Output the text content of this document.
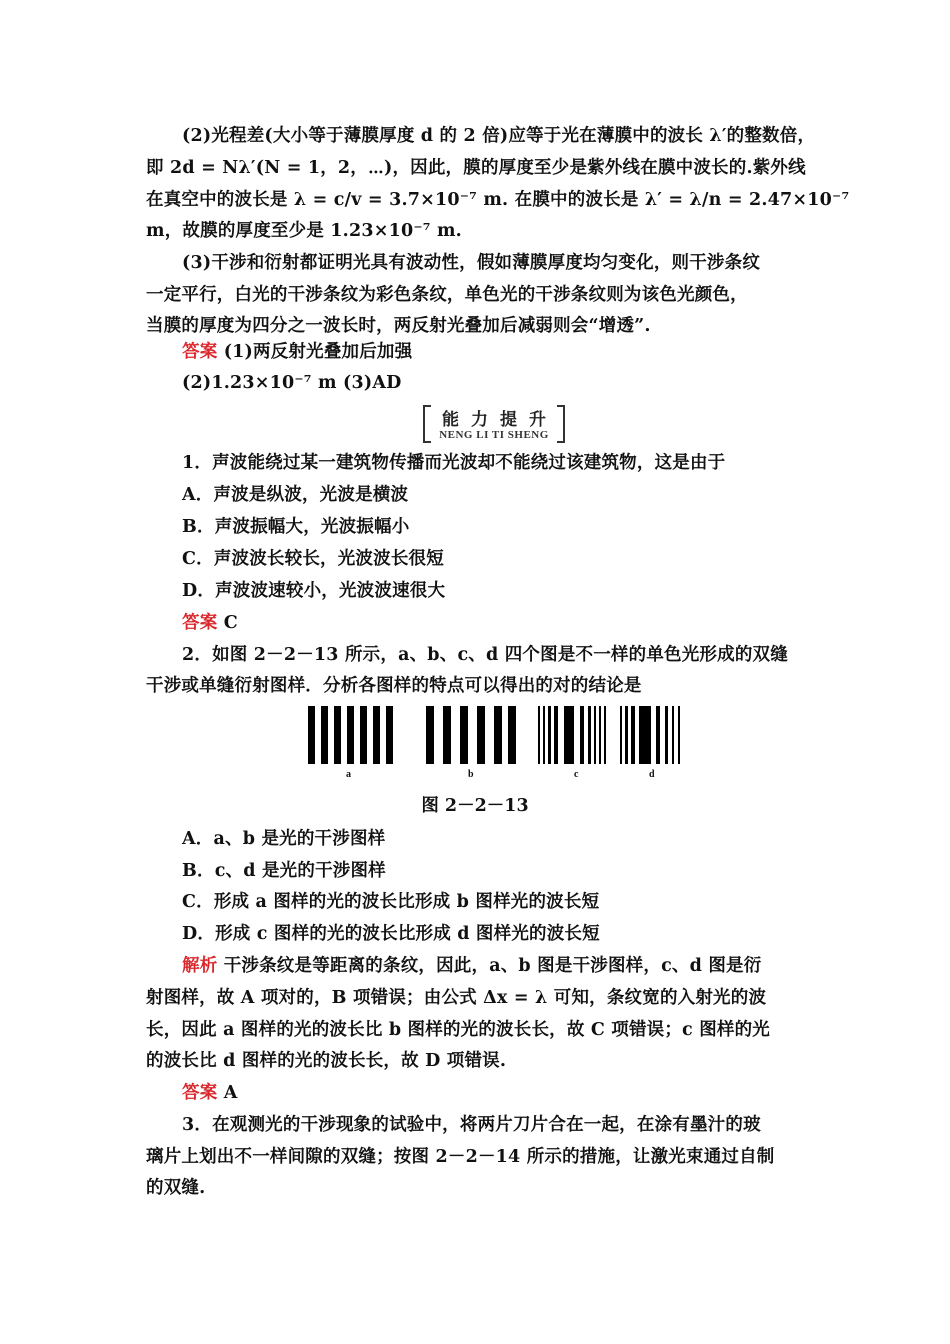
(2)光程差(大小等于薄膜厚度 d 的 2 倍)应等于光在薄膜中的波长 λ′的整数倍，
即 2d = Nλ′(N = 1，2，⋯)，因此，膜的厚度至少是紫外线在膜中波长的.紫外线
在真空中的波长是 λ = c/v = 3.7×10⁻⁷ m. 在膜中的波长是 λ′ = λ/n = 2.47×10⁻⁷
m，故膜的厚度至少是 1.23×10⁻⁷ m.
(3)干涉和衍射都证明光具有波动性，假如薄膜厚度均匀变化，则干涉条纹
一定平行，白光的干涉条纹为彩色条纹，单色光的干涉条纹则为该色光颜色，
当膜的厚度为四分之一波长时，两反射光叠加后减弱则会“增透”.
答案 (1)两反射光叠加后加强
(2)1.23×10⁻⁷ m (3)AD
能力提升
NENG LI TI SHENG
1．声波能绕过某一建筑物传播而光波却不能绕过该建筑物，这是由于
A．声波是纵波，光波是横波
B．声波振幅大，光波振幅小
C．声波波长较长，光波波长很短
D．声波波速较小，光波波速很大
答案 C
2．如图 2－2－13 所示，a、b、c、d 四个图是不一样的单色光形成的双缝
干涉或单缝衍射图样．分析各图样的特点可以得出的对的结论是
a	b	c	d
图 2－2－13
A．a、b 是光的干涉图样
B．c、d 是光的干涉图样
C．形成 a 图样的光的波长比形成 b 图样光的波长短
D．形成 c 图样的光的波长比形成 d 图样光的波长短
解析 干涉条纹是等距离的条纹，因此，a、b 图是干涉图样，c、d 图是衍
射图样，故 A 项对的，B 项错误；由公式 Δx = λ 可知，条纹宽的入射光的波
长，因此 a 图样的光的波长比 b 图样的光的波长长，故 C 项错误；c 图样的光
的波长比 d 图样的光的波长长，故 D 项错误.
答案 A
3．在观测光的干涉现象的试验中，将两片刀片合在一起，在涂有墨汁的玻
璃片上划出不一样间隙的双缝；按图 2－2－14 所示的措施，让激光束通过自制
的双缝.
